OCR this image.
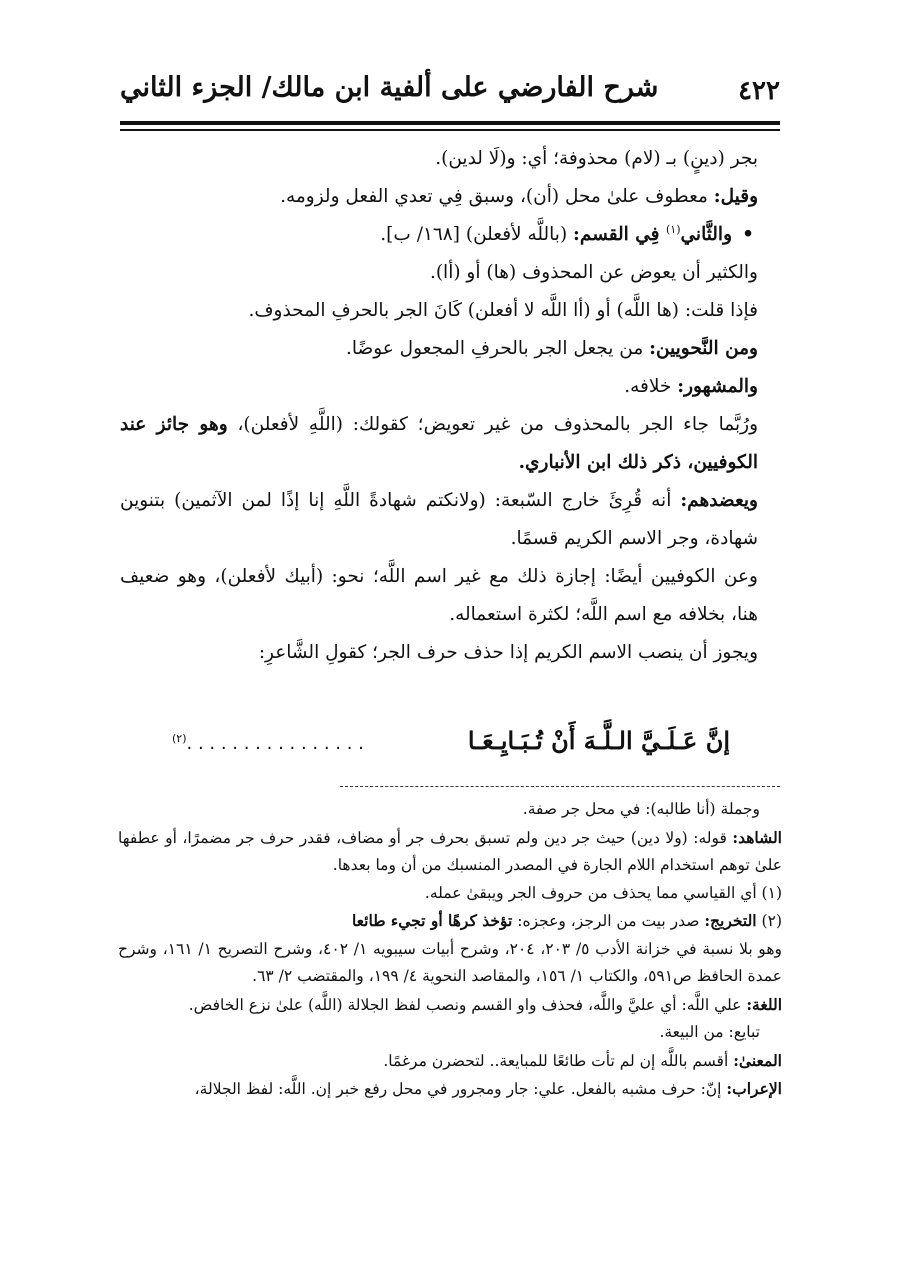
٤٢٢
شرح الفارضي على ألفية ابن مالك/ الجزء الثاني

بجر (دينٍ) بـ (لام) محذوفة؛ أي: و(لَا لدين).

وقيل: معطوف علىٰ محل (أن)، وسبق فِي تعدي الفعل ولزومه.

•
والثَّاني$^{(١)}$ فِي القسم: (باللَّه لأفعلن) [١٦٨/ ب].

والكثير أن يعوض عن المحذوف (ها) أو (أا).

فإذا قلت: (ها اللَّه) أو (أا اللَّه لا أفعلن) كَانَ الجر بالحرفِ المحذوف.

ومن النَّحويين: من يجعل الجر بالحرفِ المجعول عوضًا.

والمشهور: خلافه.

ورُبَّما جاء الجر بالمحذوف من غير تعويض؛ كقولك: (اللَّهِ لأفعلن)، وهو جائز عند الكوفيين، ذكر ذلك ابن الأنباري.

ويعضدهم: أنه قُرِئَ خارج السّبعة: (ولانكتم شهادةً اللَّهِ إنا إذًا لمن الآثمين) بتنوين شهادة، وجر الاسم الكريم قسمًا.

وعن الكوفيين أيضًا: إجازة ذلك مع غير اسم اللَّه؛ نحو: (أبيك لأفعلن)، وهو ضعيف هنا، بخلافه مع اسم اللَّه؛ لكثرة استعماله.

ويجوز أن ينصب الاسم الكريم إذا حذف حرف الجر؛ كقولِ الشَّاعرِ:

إنَّ عَـلَـيَّ الـلَّـهَ أَنْ تُـبَـايِـعَـا
$^{(٢)}$. . . . . . . . . . . . . . . .

وجملة (أنا طالبه): في محل جر صفة.

الشاهد: قوله: (ولا دين) حيث جر دين ولم تسبق بحرف جر أو مضاف، فقدر حرف جر مضمرًا، أو عطفها علىٰ توهم استخدام اللام الجارة في المصدر المنسبك من أن وما بعدها.

(١) أي القياسي مما يحذف من حروف الجر ويبقىٰ عمله.

(٢) التخريج: صدر بيت من الرجز، وعجزه: تؤخذ كرهًا أو تجيء طائعا

وهو بلا نسبة في خزانة الأدب ٥/ ٢٠٣، ٢٠٤، وشرح أبيات سيبويه ١/ ٤٠٢، وشرح التصريح ١/ ١٦١، وشرح عمدة الحافظ ص٥٩١، والكتاب ١/ ١٥٦، والمقاصد النحوية ٤/ ١٩٩، والمقتضب ٢/ ٦٣.

اللغة: علي اللَّه: أي عليَّ واللَّه، فحذف واو القسم ونصب لفظ الجلالة (اللَّه) علىٰ نزع الخافض.

تبايع: من البيعة.

المعنىٰ: أقسم باللَّه إن لم تأت طائعًا للمبايعة.. لتحضرن مرغمًا.

الإعراب: إنّ: حرف مشبه بالفعل. علي: جار ومجرور في محل رفع خبر إن. اللَّه: لفظ الجلالة،
